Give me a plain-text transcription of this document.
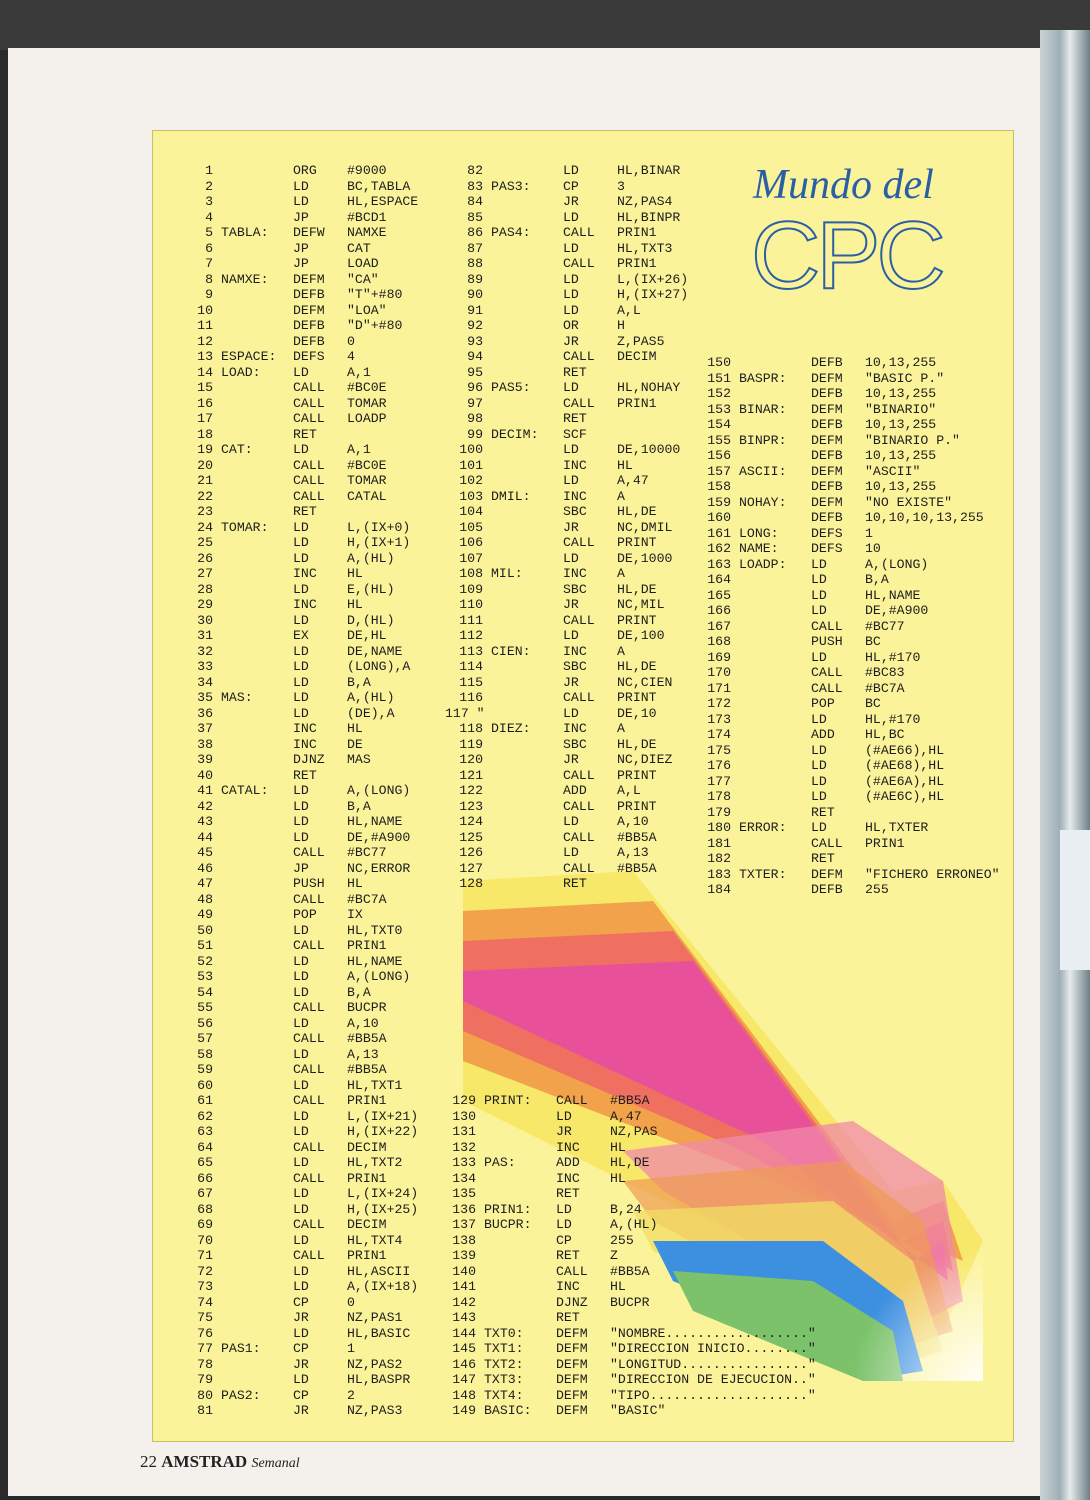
Mundo del
CPC
1	ORG	#9000
2	LD	BC,TABLA
3	LD	HL,ESPACE
4	JP	#BCD1
5 TABLA:	DEFW	NAMXE
6	JP	CAT
7	JP	LOAD
8 NAMXE:	DEFM	"CA"
9	DEFB	"T"+#80
10	DEFM	"LOA"
11	DEFB	"D"+#80
12	DEFB	0
13 ESPACE:	DEFS	4
14 LOAD:	LD	A,1
15	CALL	#BC0E
16	CALL	TOMAR
17	CALL	LOADP
18	RET
19 CAT:	LD	A,1
20	CALL	#BC0E
21	CALL	TOMAR
22	CALL	CATAL
23	RET
24 TOMAR:	LD	L,(IX+0)
25	LD	H,(IX+1)
26	LD	A,(HL)
27	INC	HL
28	LD	E,(HL)
29	INC	HL
30	LD	D,(HL)
31	EX	DE,HL
32	LD	DE,NAME
33	LD	(LONG),A
34	LD	B,A
35 MAS:	LD	A,(HL)
36	LD	(DE),A
37	INC	HL
38	INC	DE
39	DJNZ	MAS
40	RET
41 CATAL:	LD	A,(LONG)
42	LD	B,A
43	LD	HL,NAME
44	LD	DE,#A900
45	CALL	#BC77
46	JP	NC,ERROR
47	PUSH	HL
48	CALL	#BC7A
49	POP	IX
50	LD	HL,TXT0
51	CALL	PRIN1
52	LD	HL,NAME
53	LD	A,(LONG)
54	LD	B,A
55	CALL	BUCPR
56	LD	A,10
57	CALL	#BB5A
58	LD	A,13
59	CALL	#BB5A
60	LD	HL,TXT1
61	CALL	PRIN1
62	LD	L,(IX+21)
63	LD	H,(IX+22)
64	CALL	DECIM
65	LD	HL,TXT2
66	CALL	PRIN1
67	LD	L,(IX+24)
68	LD	H,(IX+25)
69	CALL	DECIM
70	LD	HL,TXT4
71	CALL	PRIN1
72	LD	HL,ASCII
73	LD	A,(IX+18)
74	CP	0
75	JR	NZ,PAS1
76	LD	HL,BASIC
77 PAS1:	CP	1
78	JR	NZ,PAS2
79	LD	HL,BASPR
80 PAS2:	CP	2
81	JR	NZ,PAS3
82	LD	HL,BINAR
83 PAS3:	CP	3
84	JR	NZ,PAS4
85	LD	HL,BINPR
86 PAS4:	CALL	PRIN1
87	LD	HL,TXT3
88	CALL	PRIN1
89	LD	L,(IX+26)
90	LD	H,(IX+27)
91	LD	A,L
92	OR	H
93	JR	Z,PAS5
94	CALL	DECIM
95	RET
96 PAS5:	LD	HL,NOHAY
97	CALL	PRIN1
98	RET
99 DECIM:	SCF
100	LD	DE,10000
101	INC	HL
102	LD	A,47
103 DMIL:	INC	A
104	SBC	HL,DE
105	JR	NC,DMIL
106	CALL	PRINT
107	LD	DE,1000
108 MIL:	INC	A
109	SBC	HL,DE
110	JR	NC,MIL
111	CALL	PRINT
112	LD	DE,100
113 CIEN:	INC	A
114	SBC	HL,DE
115	JR	NC,CIEN
116	CALL	PRINT
117 "	LD	DE,10
118 DIEZ:	INC	A
119	SBC	HL,DE
120	JR	NC,DIEZ
121	CALL	PRINT
122	ADD	A,L
123	CALL	PRINT
124	LD	A,10
125	CALL	#BB5A
126	LD	A,13
127	CALL	#BB5A
128	RET
150	DEFB	10,13,255
151 BASPR:	DEFM	"BASIC P."
152	DEFB	10,13,255
153 BINAR:	DEFM	"BINARIO"
154	DEFB	10,13,255
155 BINPR:	DEFM	"BINARIO P."
156	DEFB	10,13,255
157 ASCII:	DEFM	"ASCII"
158	DEFB	10,13,255
159 NOHAY:	DEFM	"NO EXISTE"
160	DEFB	10,10,10,13,255
161 LONG:	DEFS	1
162 NAME:	DEFS	10
163 LOADP:	LD	A,(LONG)
164	LD	B,A
165	LD	HL,NAME
166	LD	DE,#A900
167	CALL	#BC77
168	PUSH	BC
169	LD	HL,#170
170	CALL	#BC83
171	CALL	#BC7A
172	POP	BC
173	LD	HL,#170
174	ADD	HL,BC
175	LD	(#AE66),HL
176	LD	(#AE68),HL
177	LD	(#AE6A),HL
178	LD	(#AE6C),HL
179	RET
180 ERROR:	LD	HL,TXTER
181	CALL	PRIN1
182	RET
183 TXTER:	DEFM	"FICHERO ERRONEO"
184	DEFB	255
129 PRINT:	CALL	#BB5A
130	LD	A,47
131	JR	NZ,PAS
132	INC	HL
133 PAS:	ADD	HL,DE
134	INC	HL
135	RET
136 PRIN1:	LD	B,24
137 BUCPR:	LD	A,(HL)
138	CP	255
139	RET	Z
140	CALL	#BB5A
141	INC	HL
142	DJNZ	BUCPR
143	RET
144 TXT0:	DEFM	"NOMBRE.................."
145 TXT1:	DEFM	"DIRECCION INICIO........"
146 TXT2:	DEFM	"LONGITUD................"
147 TXT3:	DEFM	"DIRECCION DE EJECUCION.."
148 TXT4:	DEFM	"TIPO...................."
149 BASIC:	DEFM	"BASIC"
22 AMSTRAD Semanal
